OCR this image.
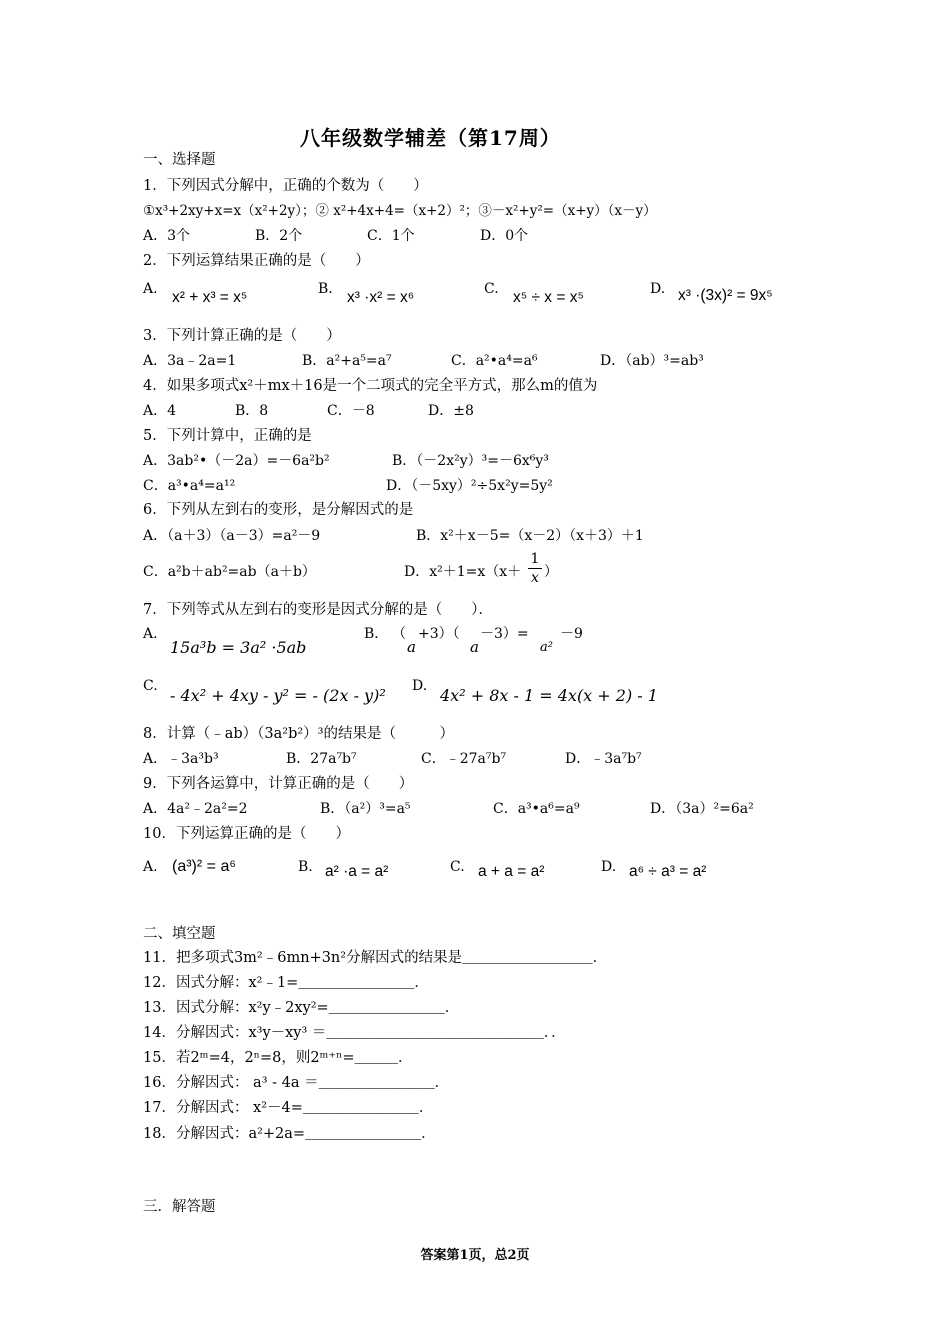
八年级数学辅差（第17周）
一、选择题
1．下列因式分解中，正确的个数为（　　）
①x³+2xy+x=x（x²+2y）；② x²+4x+4=（x+2）²；③－x²+y²=（x+y）（x－y）
A．3个	B．2个	C．1个	D．0个
2．下列运算结果正确的是（　　）
A. x² + x³ = x⁵	B. x³ ·x² = x⁶	C. x⁵ ÷ x = x⁵	D. x³ ·(3x)² = 9x⁵
3．下列计算正确的是（　　）
A．3a﹣2a=1	B．a²+a⁵=a⁷	C．a²•a⁴=a⁶	D．（ab）³=ab³
4．如果多项式x²＋mx＋16是一个二项式的完全平方式，那么m的值为
A．4	B．8	C．－8	D．±8
5．下列计算中，正确的是
A．3ab²•（－2a）=－6a²b²	B．（－2x²y）³=－6x⁶y³
C．a³•a⁴=a¹²	D．（－5xy）²÷5x²y=5y²
6．下列从左到右的变形，是分解因式的是
A．（a＋3）（a－3）=a²－9	B．x²＋x－5=（x－2）（x＋3）＋1
C．a²b＋ab²=ab（a＋b）	D．$x^2+1=x(x+ \frac{1}{x}$ ）
7．下列等式从左到右的变形是因式分解的是（　　）．
A.
15a³b = 3a² ·5ab
B． （
a
+3）（
a
－3）=
a²
－9
C. - 4x² + 4xy - y² = - (2x - y)² D. 4x² + 8x - 1 = 4x(x + 2) - 1
8．计算（﹣ab）（3a²b²）³的结果是（　　　）
A．﹣3a³b³	B．27a⁷b⁷	C．﹣27a⁷b⁷	D．﹣3a⁷b⁷
9．下列各运算中，计算正确的是（　　）
A．4a²﹣2a²=2	B．（a²）³=a⁵	C．a³•a⁶=a⁹	D．（3a）²=6a²
10．下列运算正确的是（　　）
A. (a³)² = a⁶	B. a² ·a = a²	C. a + a = a²	D. a⁶ ÷ a³ = a²
二、填空题
11．把多项式3m²﹣6mn+3n²分解因式的结果是＿＿＿＿＿＿＿＿＿．
12．因式分解：x²﹣1=＿＿＿＿＿＿＿＿．
13．因式分解：x²y﹣2xy²=＿＿＿＿＿＿＿＿．
14．分解因式：x³y－xy³ ＝＿＿＿＿＿＿＿＿＿＿＿＿＿＿＿．．
15．若2ᵐ=4，2ⁿ=8，则2ᵐ⁺ⁿ=＿＿＿．
16．分解因式： a³ - 4a ＝＿＿＿＿＿＿＿＿．
17．分解因式： x²－4=＿＿＿＿＿＿＿＿．
18．分解因式：a²+2a=＿＿＿＿＿＿＿＿．
三．解答题
答案第1页，总2页
